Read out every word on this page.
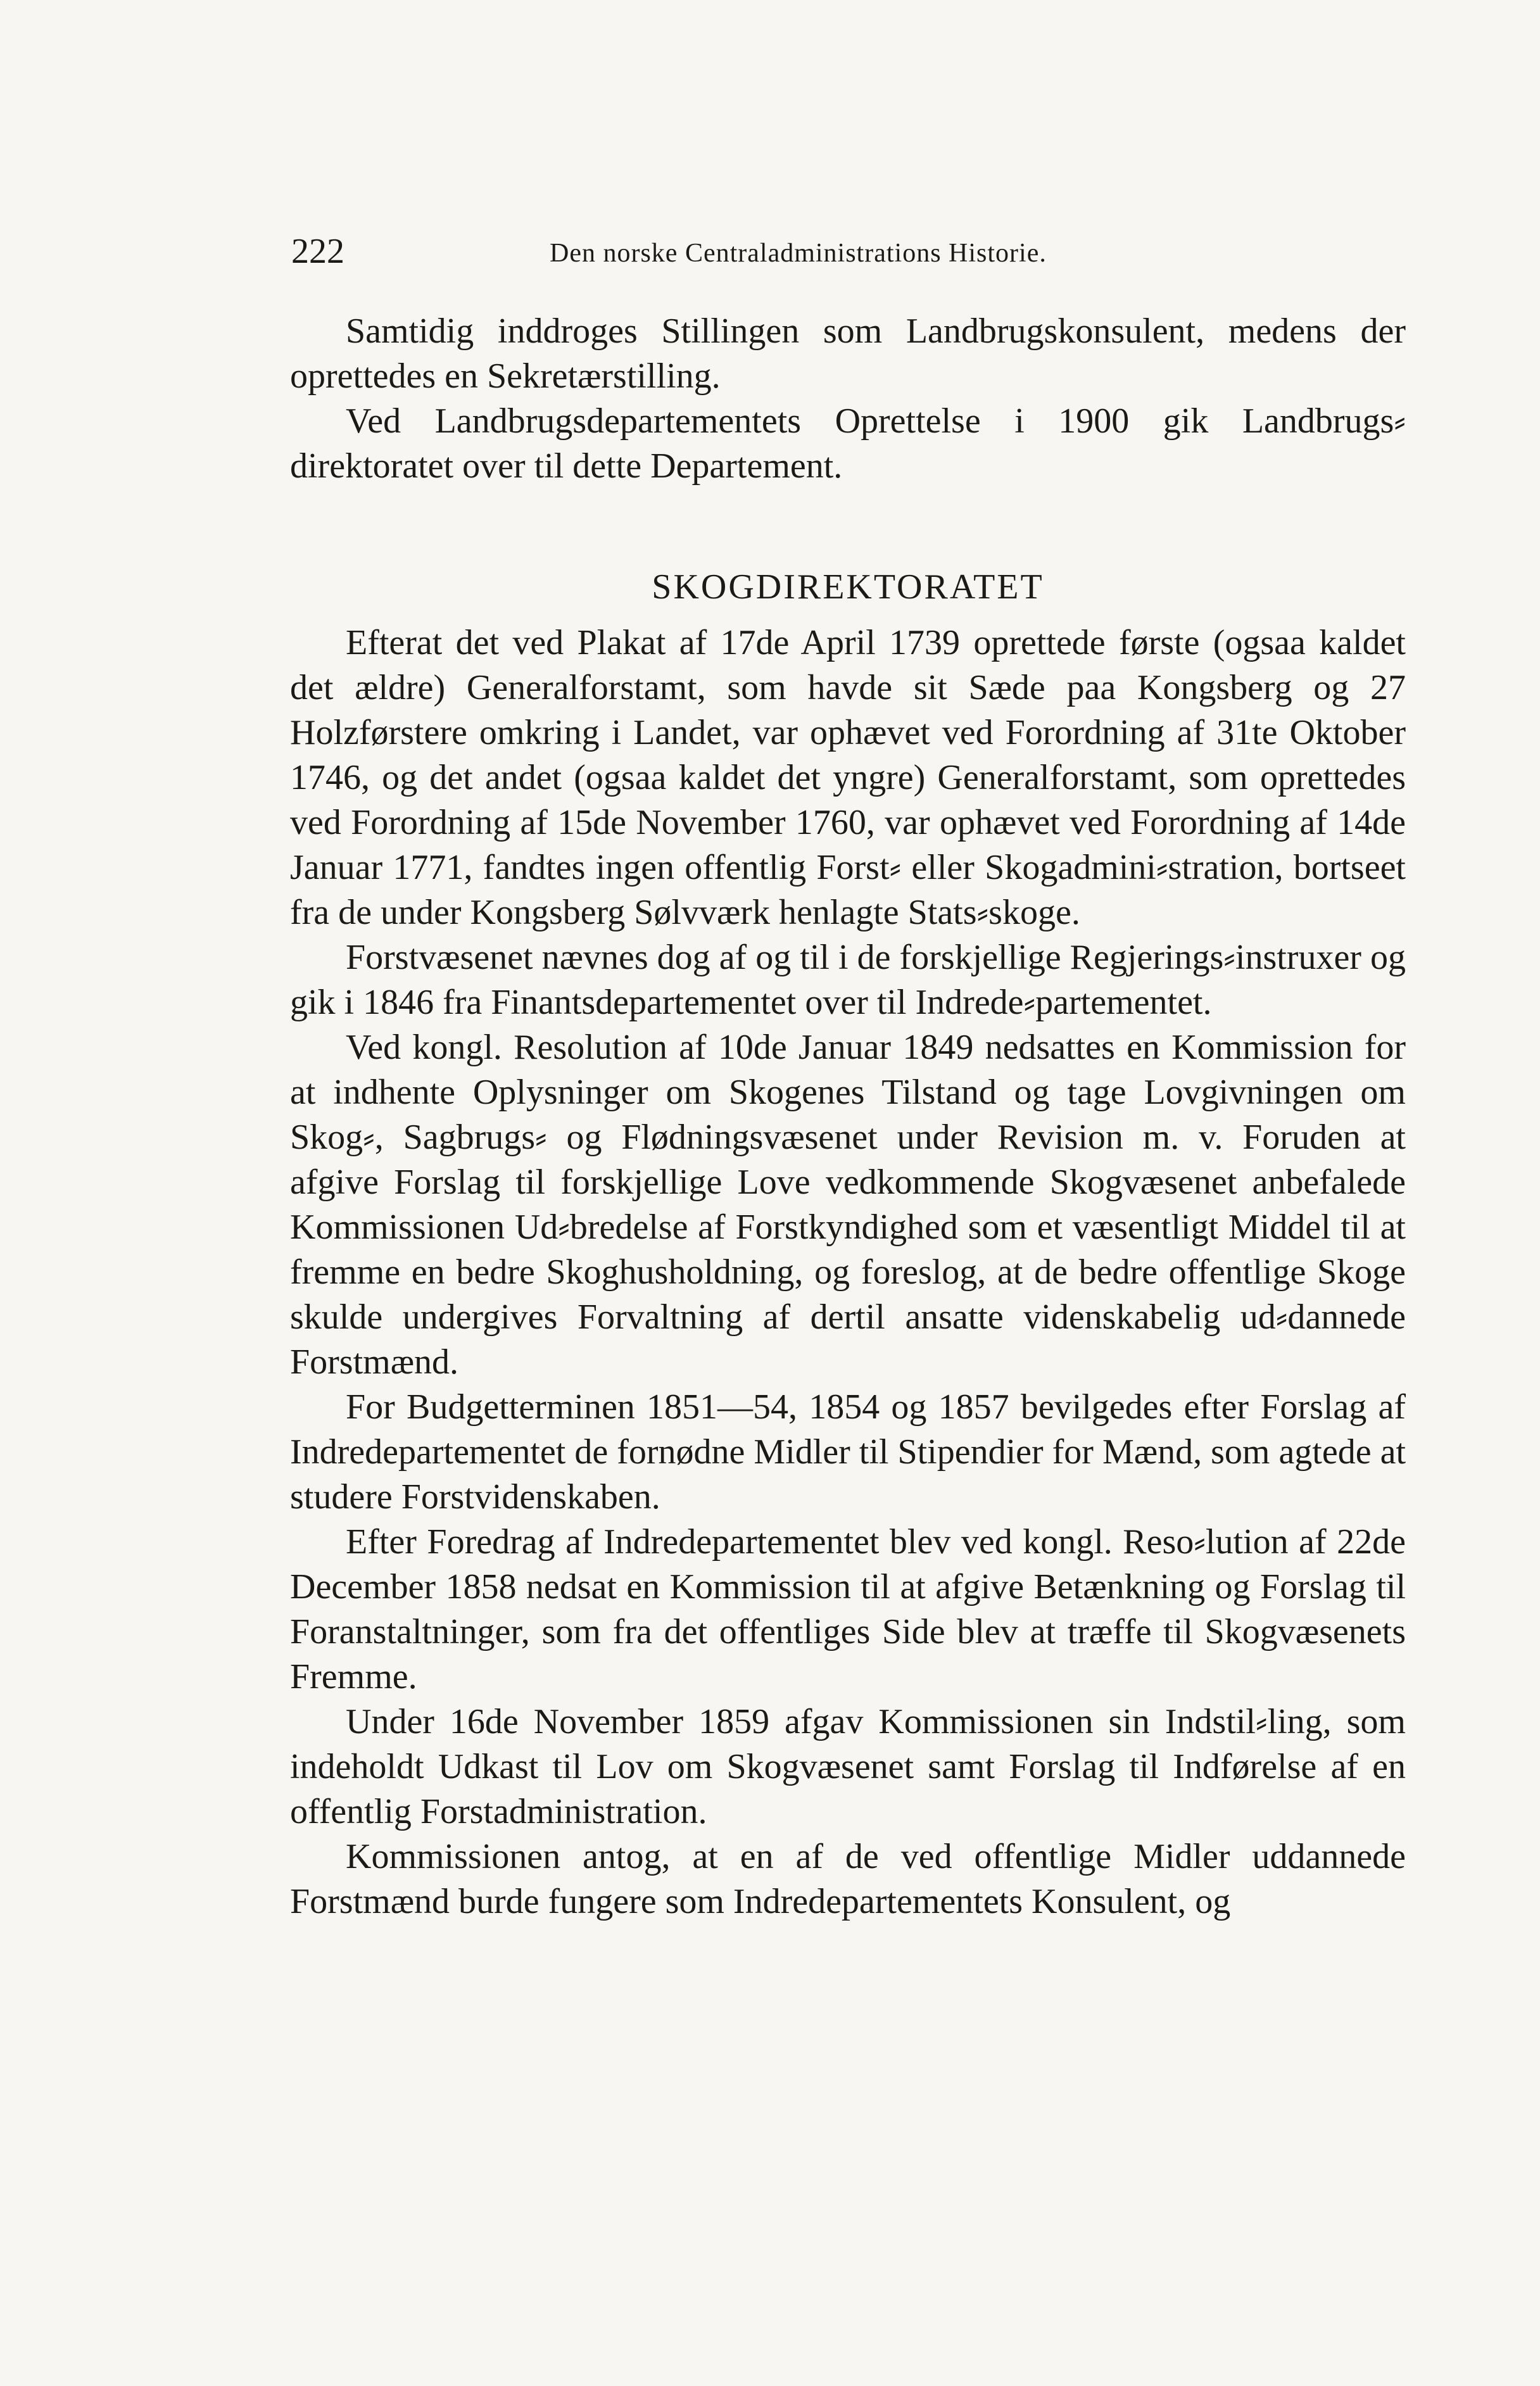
222	Den norske Centraladministrations Historie.

Samtidig inddroges Stillingen som Landbrugskonsulent, medens der oprettedes en Sekretærstilling.

Ved Landbrugsdepartementets Oprettelse i 1900 gik Landbrugs⸗direktoratet over til dette Departement.

SKOGDIREKTORATET

Efterat det ved Plakat af 17de April 1739 oprettede første (ogsaa kaldet det ældre) Generalforstamt, som havde sit Sæde paa Kongsberg og 27 Holzførstere omkring i Landet, var ophævet ved Forordning af 31te Oktober 1746, og det andet (ogsaa kaldet det yngre) Generalforstamt, som oprettedes ved Forordning af 15de November 1760, var ophævet ved Forordning af 14de Januar 1771, fandtes ingen offentlig Forst⸗ eller Skogadmini⸗stration, bortseet fra de under Kongsberg Sølvværk henlagte Stats⸗skoge.

Forstvæsenet nævnes dog af og til i de forskjellige Regjerings⸗instruxer og gik i 1846 fra Finantsdepartementet over til Indrede⸗partementet.

Ved kongl. Resolution af 10de Januar 1849 nedsattes en Kommission for at indhente Oplysninger om Skogenes Tilstand og tage Lovgivningen om Skog⸗, Sagbrugs⸗ og Flødningsvæsenet under Revision m. v. Foruden at afgive Forslag til forskjellige Love vedkommende Skogvæsenet anbefalede Kommissionen Ud⸗bredelse af Forstkyndighed som et væsentligt Middel til at fremme en bedre Skoghusholdning, og foreslog, at de bedre offentlige Skoge skulde undergives Forvaltning af dertil ansatte videnskabelig ud⸗dannede Forstmænd.

For Budgetterminen 1851—54, 1854 og 1857 bevilgedes efter Forslag af Indredepartementet de fornødne Midler til Stipendier for Mænd, som agtede at studere Forstvidenskaben.

Efter Foredrag af Indredepartementet blev ved kongl. Reso⸗lution af 22de December 1858 nedsat en Kommission til at afgive Betænkning og Forslag til Foranstaltninger, som fra det offentliges Side blev at træffe til Skogvæsenets Fremme.

Under 16de November 1859 afgav Kommissionen sin Indstil⸗ling, som indeholdt Udkast til Lov om Skogvæsenet samt Forslag til Indførelse af en offentlig Forstadministration.

Kommissionen antog, at en af de ved offentlige Midler uddannede Forstmænd burde fungere som Indredepartementets Konsulent, og
